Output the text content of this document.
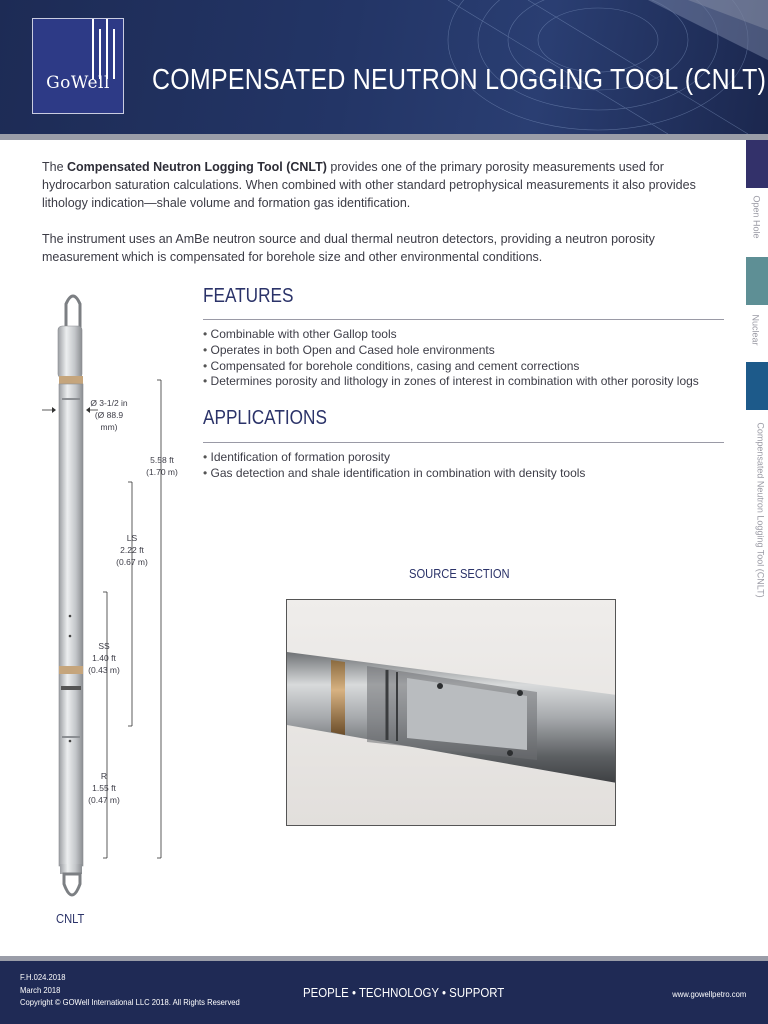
GoWell	COMPENSATED NEUTRON LOGGING TOOL (CNLT)
Open Hole
Nuclear
Compensated Neutron Logging Tool (CNLT)

The Compensated Neutron Logging Tool (CNLT) provides one of the primary porosity measurements used for hydrocarbon saturation calculations. When combined with other standard petrophysical measurements it also provides lithology indication—shale volume and formation gas identification.

The instrument uses an AmBe neutron source and dual thermal neutron detectors, providing a neutron porosity measurement which is compensated for borehole size and other environmental conditions.

FEATURES
• Combinable with other Gallop tools
• Operates in both Open and Cased hole environments
• Compensated for borehole conditions, casing and cement corrections
• Determines porosity and lithology in zones of interest in combination with other porosity logs
APPLICATIONS
• Identification of formation porosity
• Gas detection and shale identification in combination with density tools
SOURCE SECTION
Ø 3-1/2 in
(Ø 88.9 mm)
5.58 ft
(1.70 m)
LS
2.22 ft
(0.67 m)
SS
1.40 ft
(0.43 m)
R
1.55 ft
(0.47 m)
CNLT
F.H.024.2018
March 2018
Copyright © GOWell International LLC 2018. All Rights Reserved
PEOPLE • TECHNOLOGY • SUPPORT	www.gowellpetro.com
